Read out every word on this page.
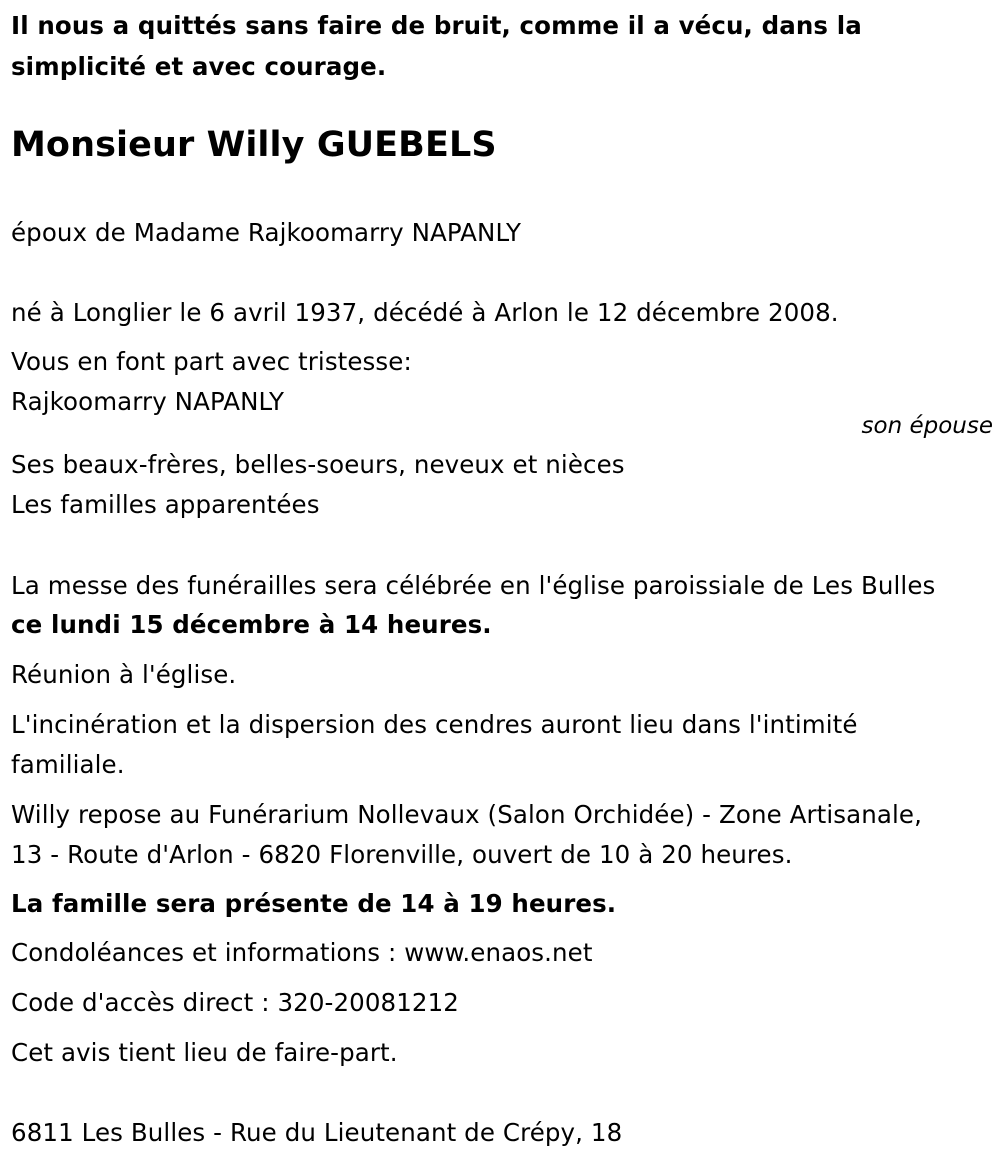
Il nous a quittés sans faire de bruit, comme il a vécu, dans la
simplicité et avec courage.
Monsieur Willy GUEBELS
époux de Madame Rajkoomarry NAPANLY
né à Longlier le 6 avril 1937, décédé à Arlon le 12 décembre 2008.
Vous en font part avec tristesse:
Rajkoomarry NAPANLY
son épouse
Ses beaux-frères, belles-soeurs, neveux et nièces
Les familles apparentées
La messe des funérailles sera célébrée en l'église paroissiale de Les Bulles
ce lundi 15 décembre à 14 heures.
Réunion à l'église.
L'incinération et la dispersion des cendres auront lieu dans l'intimité
familiale.
Willy repose au Funérarium Nollevaux (Salon Orchidée) - Zone Artisanale,
13 - Route d'Arlon - 6820 Florenville, ouvert de 10 à 20 heures.
La famille sera présente de 14 à 19 heures.
Condoléances et informations : www.enaos.net
Code d'accès direct : 320-20081212
Cet avis tient lieu de faire-part.
6811 Les Bulles - Rue du Lieutenant de Crépy, 18
